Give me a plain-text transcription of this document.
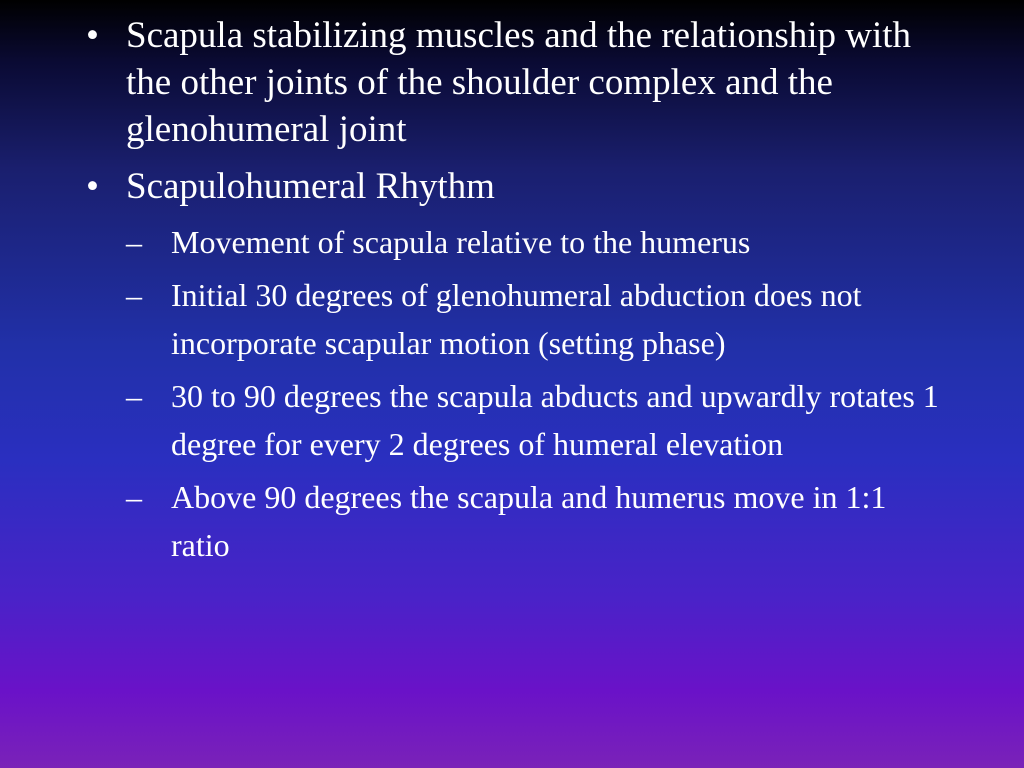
• Scapula stabilizing muscles and the relationship with the other joints of the shoulder complex and the glenohumeral joint
• Scapulohumeral Rhythm
– Movement of scapula relative to the humerus
– Initial 30 degrees of glenohumeral abduction does not incorporate scapular motion (setting phase)
– 30 to 90 degrees the scapula abducts and upwardly rotates 1 degree for every 2 degrees of humeral elevation
– Above 90 degrees the scapula and humerus move in 1:1 ratio
